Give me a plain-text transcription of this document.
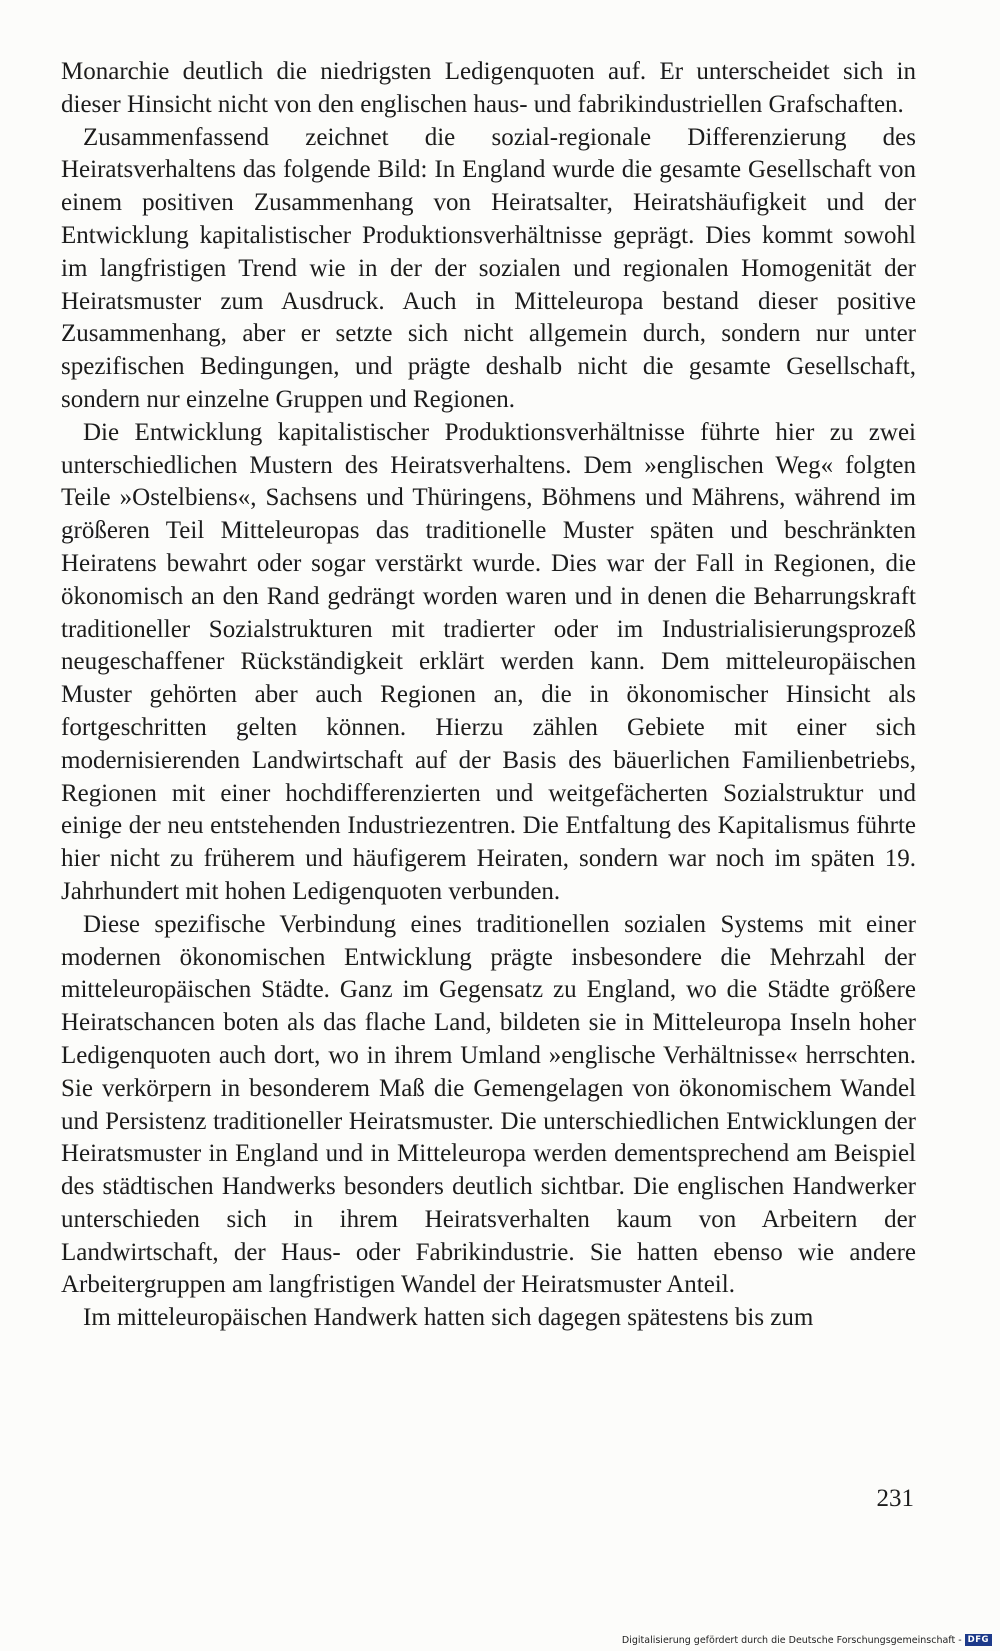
Monarchie deutlich die niedrigsten Ledigenquoten auf. Er unterscheidet sich in dieser Hinsicht nicht von den englischen haus- und fabrikindustriellen Grafschaften.

Zusammenfassend zeichnet die sozial-regionale Differenzierung des Heiratsverhaltens das folgende Bild: In England wurde die gesamte Gesellschaft von einem positiven Zusammenhang von Heiratsalter, Heiratshäufigkeit und der Entwicklung kapitalistischer Produktionsverhältnisse geprägt. Dies kommt sowohl im langfristigen Trend wie in der der sozialen und regionalen Homogenität der Heiratsmuster zum Ausdruck. Auch in Mitteleuropa bestand dieser positive Zusammenhang, aber er setzte sich nicht allgemein durch, sondern nur unter spezifischen Bedingungen, und prägte deshalb nicht die gesamte Gesellschaft, sondern nur einzelne Gruppen und Regionen.

Die Entwicklung kapitalistischer Produktionsverhältnisse führte hier zu zwei unterschiedlichen Mustern des Heiratsverhaltens. Dem »englischen Weg« folgten Teile »Ostelbiens«, Sachsens und Thüringens, Böhmens und Mährens, während im größeren Teil Mitteleuropas das traditionelle Muster späten und beschränkten Heiratens bewahrt oder sogar verstärkt wurde. Dies war der Fall in Regionen, die ökonomisch an den Rand gedrängt worden waren und in denen die Beharrungskraft traditioneller Sozialstrukturen mit tradierter oder im Industrialisierungsprozeß neugeschaffener Rückständigkeit erklärt werden kann. Dem mitteleuropäischen Muster gehörten aber auch Regionen an, die in ökonomischer Hinsicht als fortgeschritten gelten können. Hierzu zählen Gebiete mit einer sich modernisierenden Landwirtschaft auf der Basis des bäuerlichen Familienbetriebs, Regionen mit einer hochdifferenzierten und weitgefächerten Sozialstruktur und einige der neu entstehenden Industriezentren. Die Entfaltung des Kapitalismus führte hier nicht zu früherem und häufigerem Heiraten, sondern war noch im späten 19. Jahrhundert mit hohen Ledigenquoten verbunden.

Diese spezifische Verbindung eines traditionellen sozialen Systems mit einer modernen ökonomischen Entwicklung prägte insbesondere die Mehrzahl der mitteleuropäischen Städte. Ganz im Gegensatz zu England, wo die Städte größere Heiratschancen boten als das flache Land, bildeten sie in Mitteleuropa Inseln hoher Ledigenquoten auch dort, wo in ihrem Umland »englische Verhältnisse« herrschten. Sie verkörpern in besonderem Maß die Gemengelagen von ökonomischem Wandel und Persistenz traditioneller Heiratsmuster. Die unterschiedlichen Entwicklungen der Heiratsmuster in England und in Mitteleuropa werden dementsprechend am Beispiel des städtischen Handwerks besonders deutlich sichtbar. Die englischen Handwerker unterschieden sich in ihrem Heiratsverhalten kaum von Arbeitern der Landwirtschaft, der Haus- oder Fabrikindustrie. Sie hatten ebenso wie andere Arbeitergruppen am langfristigen Wandel der Heiratsmuster Anteil.

Im mitteleuropäischen Handwerk hatten sich dagegen spätestens bis zum

231
Digitalisierung gefördert durch die Deutsche Forschungsgemeinschaft - DFG
